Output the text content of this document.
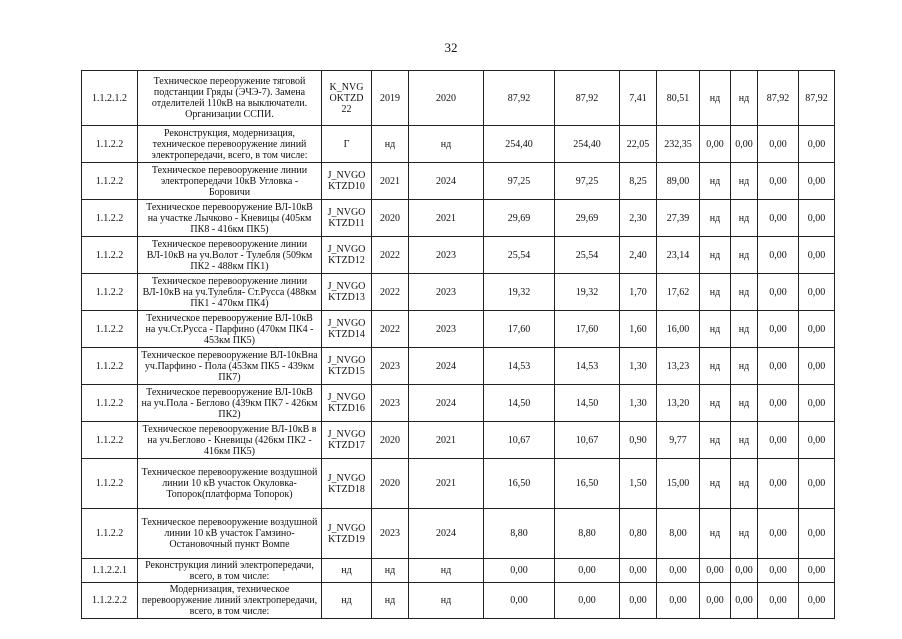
32
1.1.2.1.2	Техническое переоружение тяговой подстанции Гряды (ЭЧЭ-7). Замена отделителей 110кВ на выключатели. Организации ССПИ.	K_NVG OKTZD 22	2019	2020	87,92	87,92	7,41	80,51	нд	нд	87,92	87,92
1.1.2.2	Реконструкция, модернизация, техническое перевооружение линий электропередачи, всего, в том числе:	Г	нд	нд	254,40	254,40	22,05	232,35	0,00	0,00	0,00	0,00
1.1.2.2	Техническое перевооружение линии электропередачи 10кВ Угловка - Боровичи	J_NVGO KTZD10	2021	2024	97,25	97,25	8,25	89,00	нд	нд	0,00	0,00
1.1.2.2	Техническое перевооружение ВЛ-10кВ на участке Лычково - Кневицы (405км ПК8 - 416км ПК5)	J_NVGO KTZD11	2020	2021	29,69	29,69	2,30	27,39	нд	нд	0,00	0,00
1.1.2.2	Техническое перевооружение линии ВЛ-10кВ на уч.Волот - Тулебля (509км ПК2 - 488км ПК1)	J_NVGO KTZD12	2022	2023	25,54	25,54	2,40	23,14	нд	нд	0,00	0,00
1.1.2.2	Техническое перевооружение линии ВЛ-10кВ на уч.Тулебля- Ст.Русса (488км ПК1 - 470км ПК4)	J_NVGO KTZD13	2022	2023	19,32	19,32	1,70	17,62	нд	нд	0,00	0,00
1.1.2.2	Техническое перевооружение ВЛ-10кВ на уч.Ст.Русса - Парфино (470км ПК4 - 453км ПК5)	J_NVGO KTZD14	2022	2023	17,60	17,60	1,60	16,00	нд	нд	0,00	0,00
1.1.2.2	Техническое перевооружение ВЛ-10кВна уч.Парфино - Пола (453км ПК5 - 439км ПК7)	J_NVGO KTZD15	2023	2024	14,53	14,53	1,30	13,23	нд	нд	0,00	0,00
1.1.2.2	Техническое перевооружение ВЛ-10кВ на уч.Пола - Беглово (439км ПК7 - 426км ПК2)	J_NVGO KTZD16	2023	2024	14,50	14,50	1,30	13,20	нд	нд	0,00	0,00
1.1.2.2	Техническое перевооружение ВЛ-10кВ в на уч.Беглово - Кневицы (426км ПК2 - 416км ПК5)	J_NVGO KTZD17	2020	2021	10,67	10,67	0,90	9,77	нд	нд	0,00	0,00
1.1.2.2	Техническое перевооружение воздушной линии 10 кВ участок Окуловка-Топорок(платформа Топорок)	J_NVGO KTZD18	2020	2021	16,50	16,50	1,50	15,00	нд	нд	0,00	0,00
1.1.2.2	Техническое перевооружение воздушной линии 10 кВ участок Гамзино-Остановочный пункт Вомпе	J_NVGO KTZD19	2023	2024	8,80	8,80	0,80	8,00	нд	нд	0,00	0,00
1.1.2.2.1	Реконструкция линий электропередачи, всего, в том числе:	нд	нд	нд	0,00	0,00	0,00	0,00	0,00	0,00	0,00	0,00
1.1.2.2.2	Модернизация, техническое перевооружение линий электропередачи, всего, в том числе:	нд	нд	нд	0,00	0,00	0,00	0,00	0,00	0,00	0,00	0,00
